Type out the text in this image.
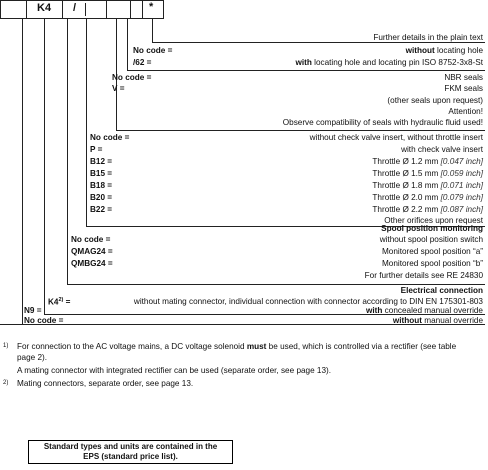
K4 /	*
Further details in the plain text
No code =	without locating hole
/62 =	with locating hole and locating pin ISO 8752-3x8-St
No code =	NBR seals
V =	FKM seals
(other seals upon request)
Attention!
Observe compatibility of seals with hydraulic fluid used!
No code =	without check valve insert, without throttle insert
P =	with check valve insert
B12 =	Throttle Ø 1.2 mm [0.047 inch]
B15 =	Throttle Ø 1.5 mm [0.059 inch]
B18 =	Throttle Ø 1.8 mm [0.071 inch]
B20 =	Throttle Ø 2.0 mm [0.079 inch]
B22 =	Throttle Ø 2.2 mm [0.087 inch]
Other orifices upon request
Spool position monitoring
No code =	without spool position switch
QMAG24 =	Monitored spool position “a”
QMBG24 =	Monitored spool position “b”
For further details see RE 24830
Electrical connection
$K4^{2)}$ =	without mating connector, individual connection with connector according to DIN EN 175301-803
N9 =	with concealed manual override
No code =	without manual override
1) For connection to the AC voltage mains, a DC voltage solenoid must be used, which is controlled via a rectifier (see table page 2).
A mating connector with integrated rectifier can be used (separate order, see page 13).
2) Mating connectors, separate order, see page 13.
Standard types and units are contained in the
EPS (standard price list).
